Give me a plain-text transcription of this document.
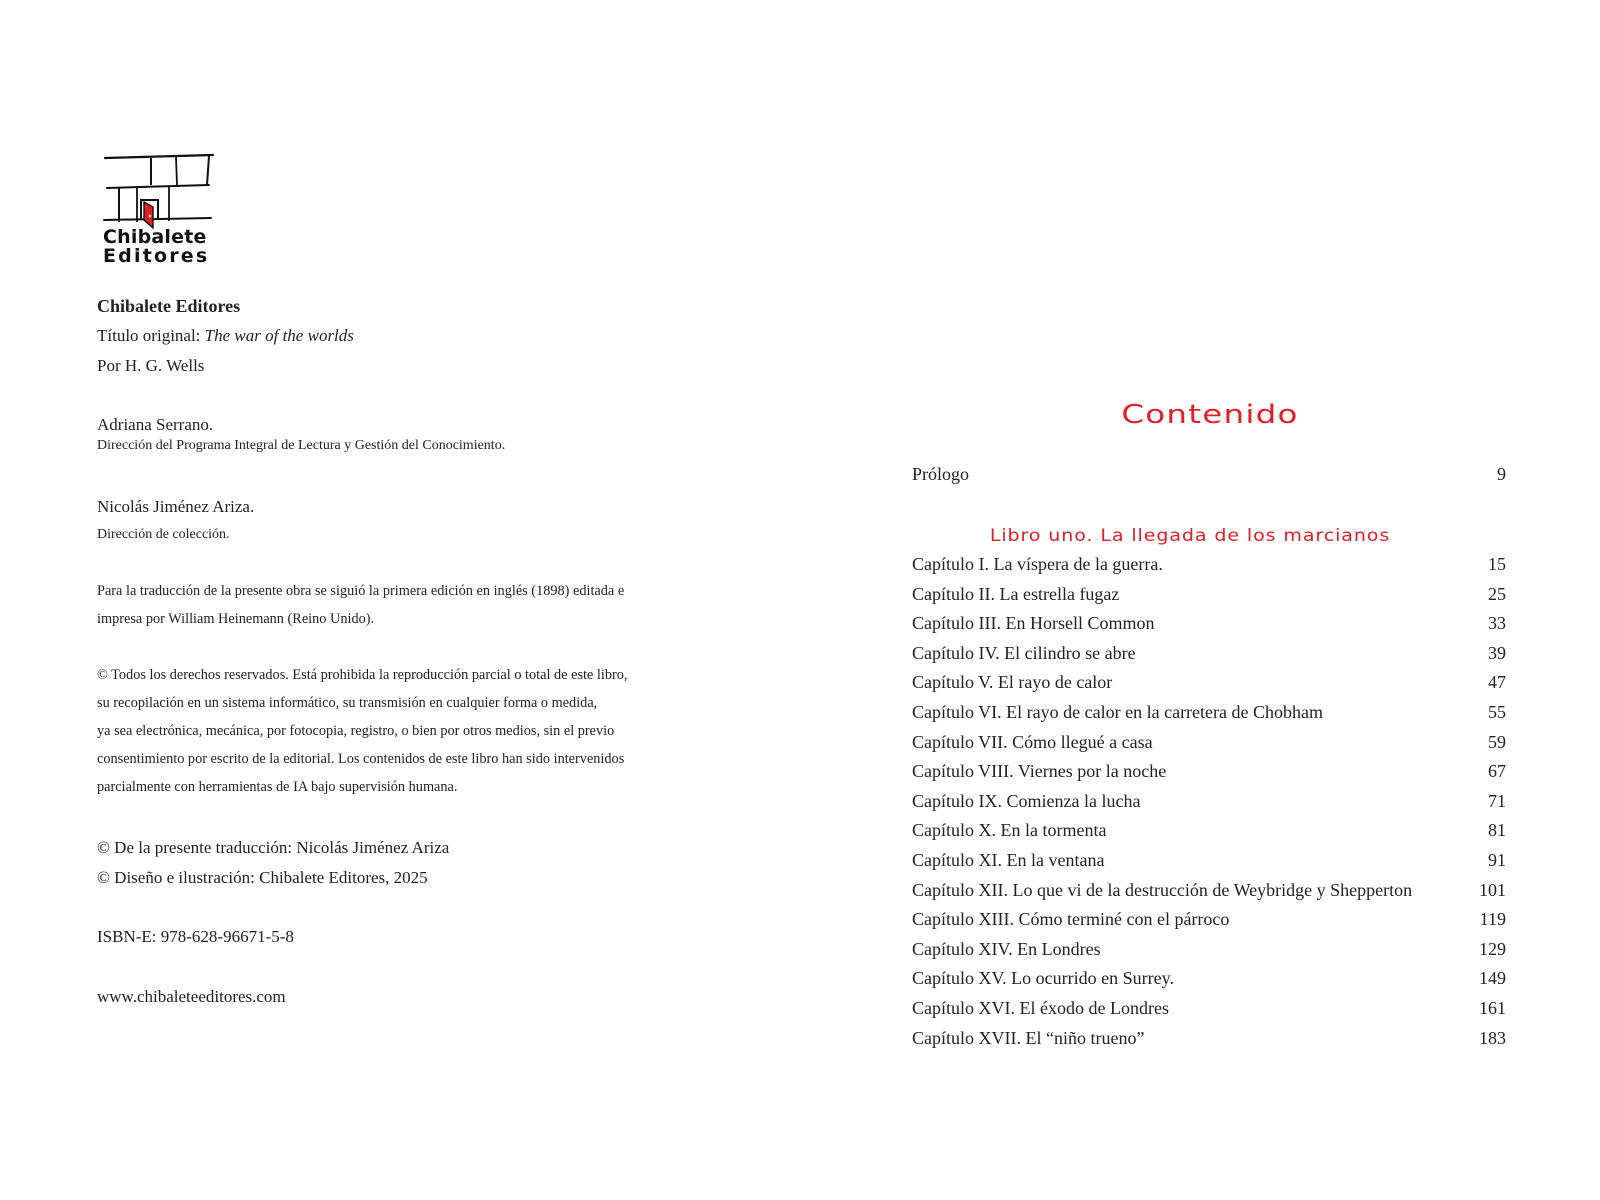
Chibalete
Editores
Chibalete Editores
Título original: The war of the worlds
Por H. G. Wells
Adriana Serrano.
Dirección del Programa Integral de Lectura y Gestión del Conocimiento.
Nicolás Jiménez Ariza.
Dirección de colección.
Para la traducción de la presente obra se siguió la primera edición en inglés (1898) editada e
impresa por William Heinemann (Reino Unido).
© Todos los derechos reservados. Está prohibida la reproducción parcial o total de este libro,
su recopilación en un sistema informático, su transmisión en cualquier forma o medida,
ya sea electrónica, mecánica, por fotocopia, registro, o bien por otros medios, sin el previo
consentimiento por escrito de la editorial. Los contenidos de este libro han sido intervenidos
parcialmente con herramientas de IA bajo supervisión humana.
© De la presente traducción: Nicolás Jiménez Ariza
© Diseño e ilustración: Chibalete Editores, 2025
ISBN-E: 978-628-96671-5-8
www.chibaleteeditores.com
Contenido
Prólogo	9
Libro uno. La llegada de los marcianos
Capítulo I. La víspera de la guerra.	15
Capítulo II. La estrella fugaz	25
Capítulo III. En Horsell Common	33
Capítulo IV. El cilindro se abre	39
Capítulo V. El rayo de calor	47
Capítulo VI. El rayo de calor en la carretera de Chobham	55
Capítulo VII. Cómo llegué a casa	59
Capítulo VIII. Viernes por la noche	67
Capítulo IX. Comienza la lucha	71
Capítulo X. En la tormenta	81
Capítulo XI. En la ventana	91
Capítulo XII. Lo que vi de la destrucción de Weybridge y Shepperton	101
Capítulo XIII. Cómo terminé con el párroco	119
Capítulo XIV. En Londres	129
Capítulo XV. Lo ocurrido en Surrey.	149
Capítulo XVI. El éxodo de Londres	161
Capítulo XVII. El “niño trueno”	183
